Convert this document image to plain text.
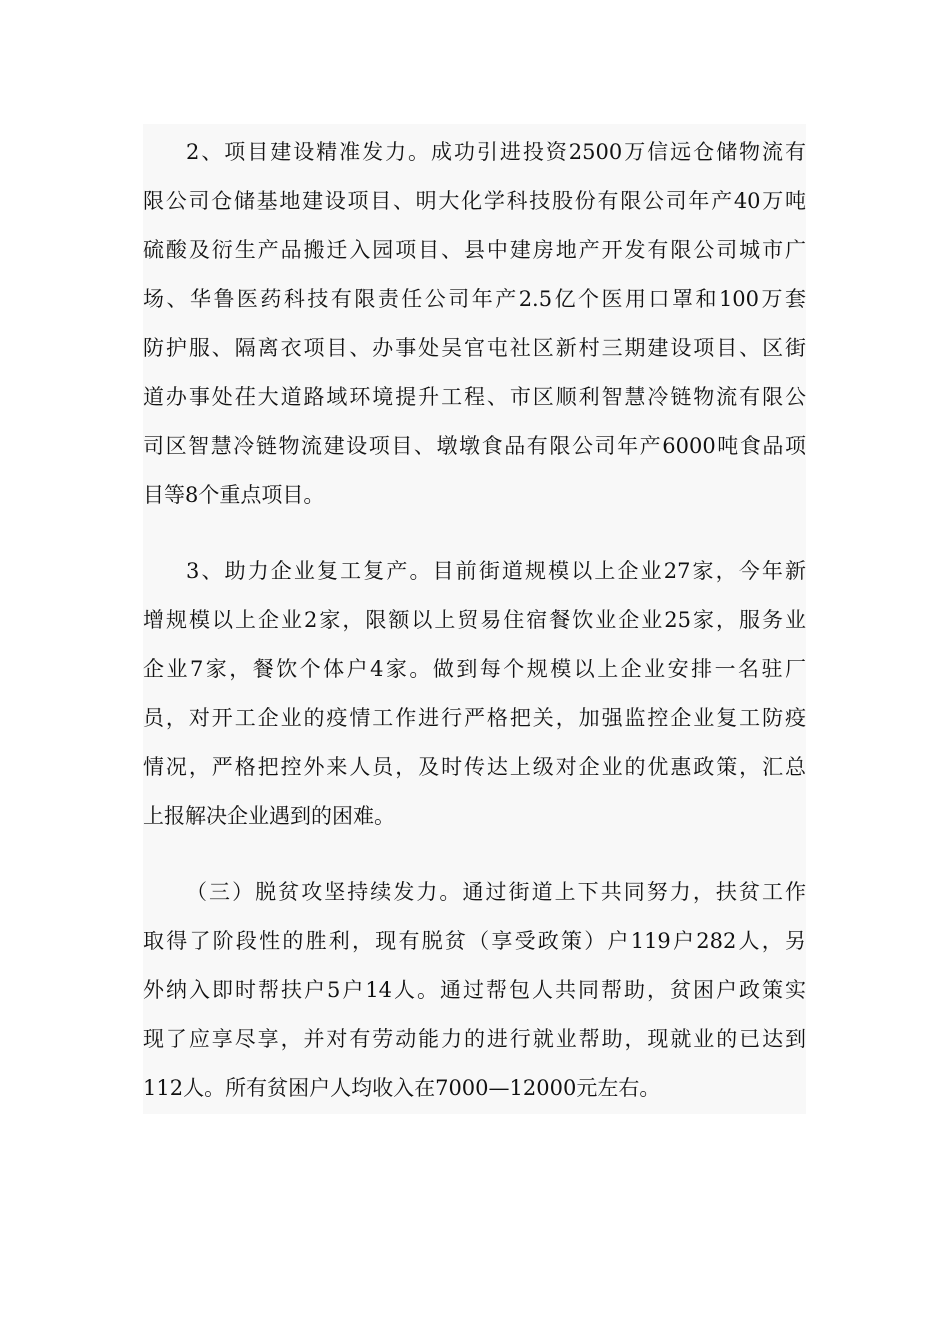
2、项目建设精准发力。成功引进投资2500万信远仓储物流有
限公司仓储基地建设项目、明大化学科技股份有限公司年产40万吨
硫酸及衍生产品搬迁入园项目、县中建房地产开发有限公司城市广
场、华鲁医药科技有限责任公司年产2.5亿个医用口罩和100万套
防护服、隔离衣项目、办事处吴官屯社区新村三期建设项目、区街
道办事处茌大道路域环境提升工程、市区顺利智慧冷链物流有限公
司区智慧冷链物流建设项目、墩墩食品有限公司年产6000吨食品项
目等8个重点项目。
3、助力企业复工复产。目前街道规模以上企业27家，今年新
增规模以上企业2家，限额以上贸易住宿餐饮业企业25家，服务业
企业7家，餐饮个体户4家。做到每个规模以上企业安排一名驻厂
员，对开工企业的疫情工作进行严格把关，加强监控企业复工防疫
情况，严格把控外来人员，及时传达上级对企业的优惠政策，汇总
上报解决企业遇到的困难。
（三）脱贫攻坚持续发力。通过街道上下共同努力，扶贫工作
取得了阶段性的胜利，现有脱贫（享受政策）户119户282人，另
外纳入即时帮扶户5户14人。通过帮包人共同帮助，贫困户政策实
现了应享尽享，并对有劳动能力的进行就业帮助，现就业的已达到
112人。所有贫困户人均收入在7000—12000元左右。
